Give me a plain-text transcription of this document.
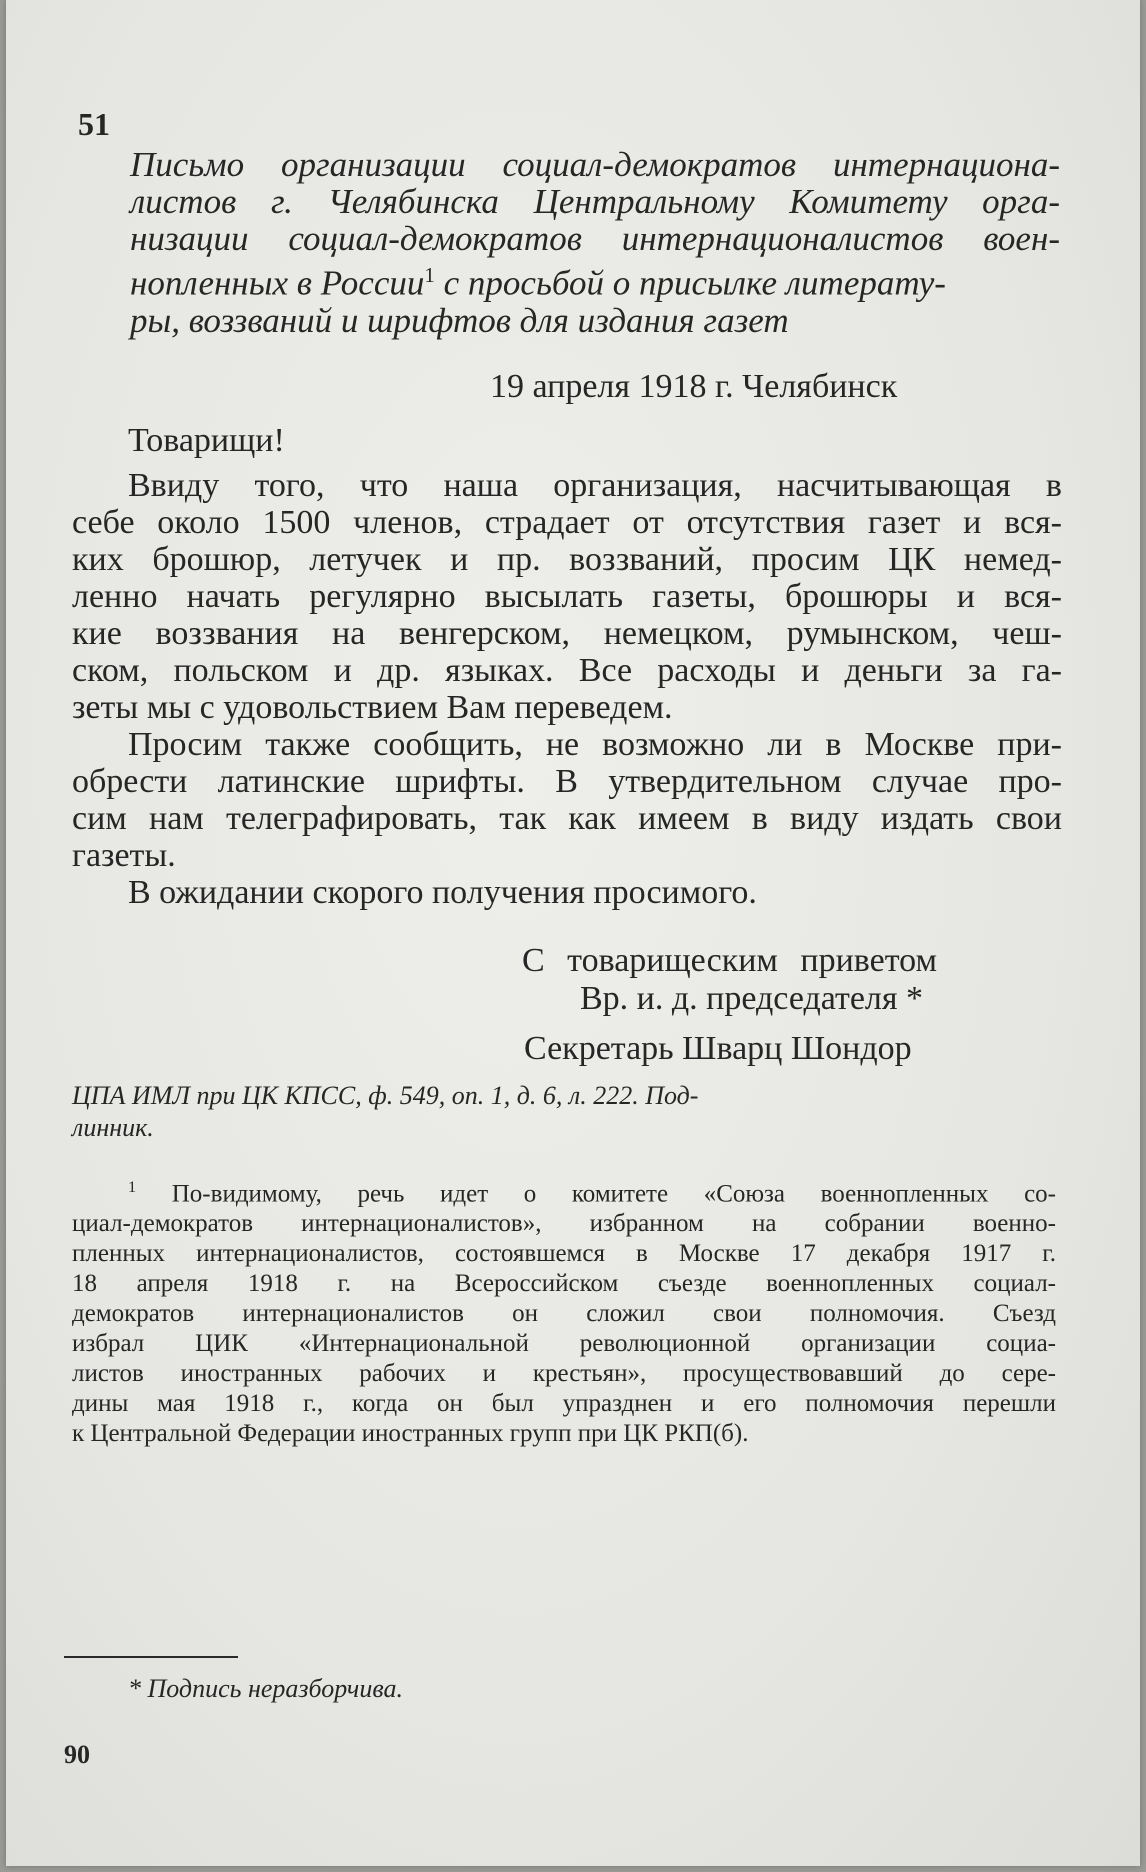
51
Письмо организации социал-демократов интернациона-
листов г. Челябинска Центральному Комитету орга-
низации социал-демократов интернационалистов воен-
нопленных в России$^1$ с просьбой о присылке литерату-
ры, воззваний и шрифтов для издания газет
19 апреля 1918 г. Челябинск
Товарищи!
Ввиду того, что наша организация, насчитывающая в
себе около 1500 членов, страдает от отсутствия газет и вся-
ких брошюр, летучек и пр. воззваний, просим ЦК немед-
ленно начать регулярно высылать газеты, брошюры и вся-
кие воззвания на венгерском, немецком, румынском, чеш-
ском, польском и др. языках. Все расходы и деньги за га-
зеты мы с удовольствием Вам переведем.
Просим также сообщить, не возможно ли в Москве при-
обрести латинские шрифты. В утвердительном случае про-
сим нам телеграфировать, так как имеем в виду издать свои
газеты.
В ожидании скорого получения просимого.
С товарищеским приветом
Вр. и. д. председателя *
Секретарь Шварц Шондор
ЦПА ИМЛ при ЦК КПСС, ф. 549, оп. 1, д. 6, л. 222. Под-
линник.
$^1$ По-видимому, речь идет о комитете «Союза военнопленных со-
циал-демократов интернационалистов», избранном на собрании военно-
пленных интернационалистов, состоявшемся в Москве 17 декабря 1917 г.
18 апреля 1918 г. на Всероссийском съезде военнопленных социал-
демократов интернационалистов он сложил свои полномочия. Съезд
избрал ЦИК «Интернациональной революционной организации социа-
листов иностранных рабочих и крестьян», просуществовавший до сере-
дины мая 1918 г., когда он был упразднен и его полномочия перешли
к Центральной Федерации иностранных групп при ЦК РКП(б).
* Подпись неразборчива.
90
